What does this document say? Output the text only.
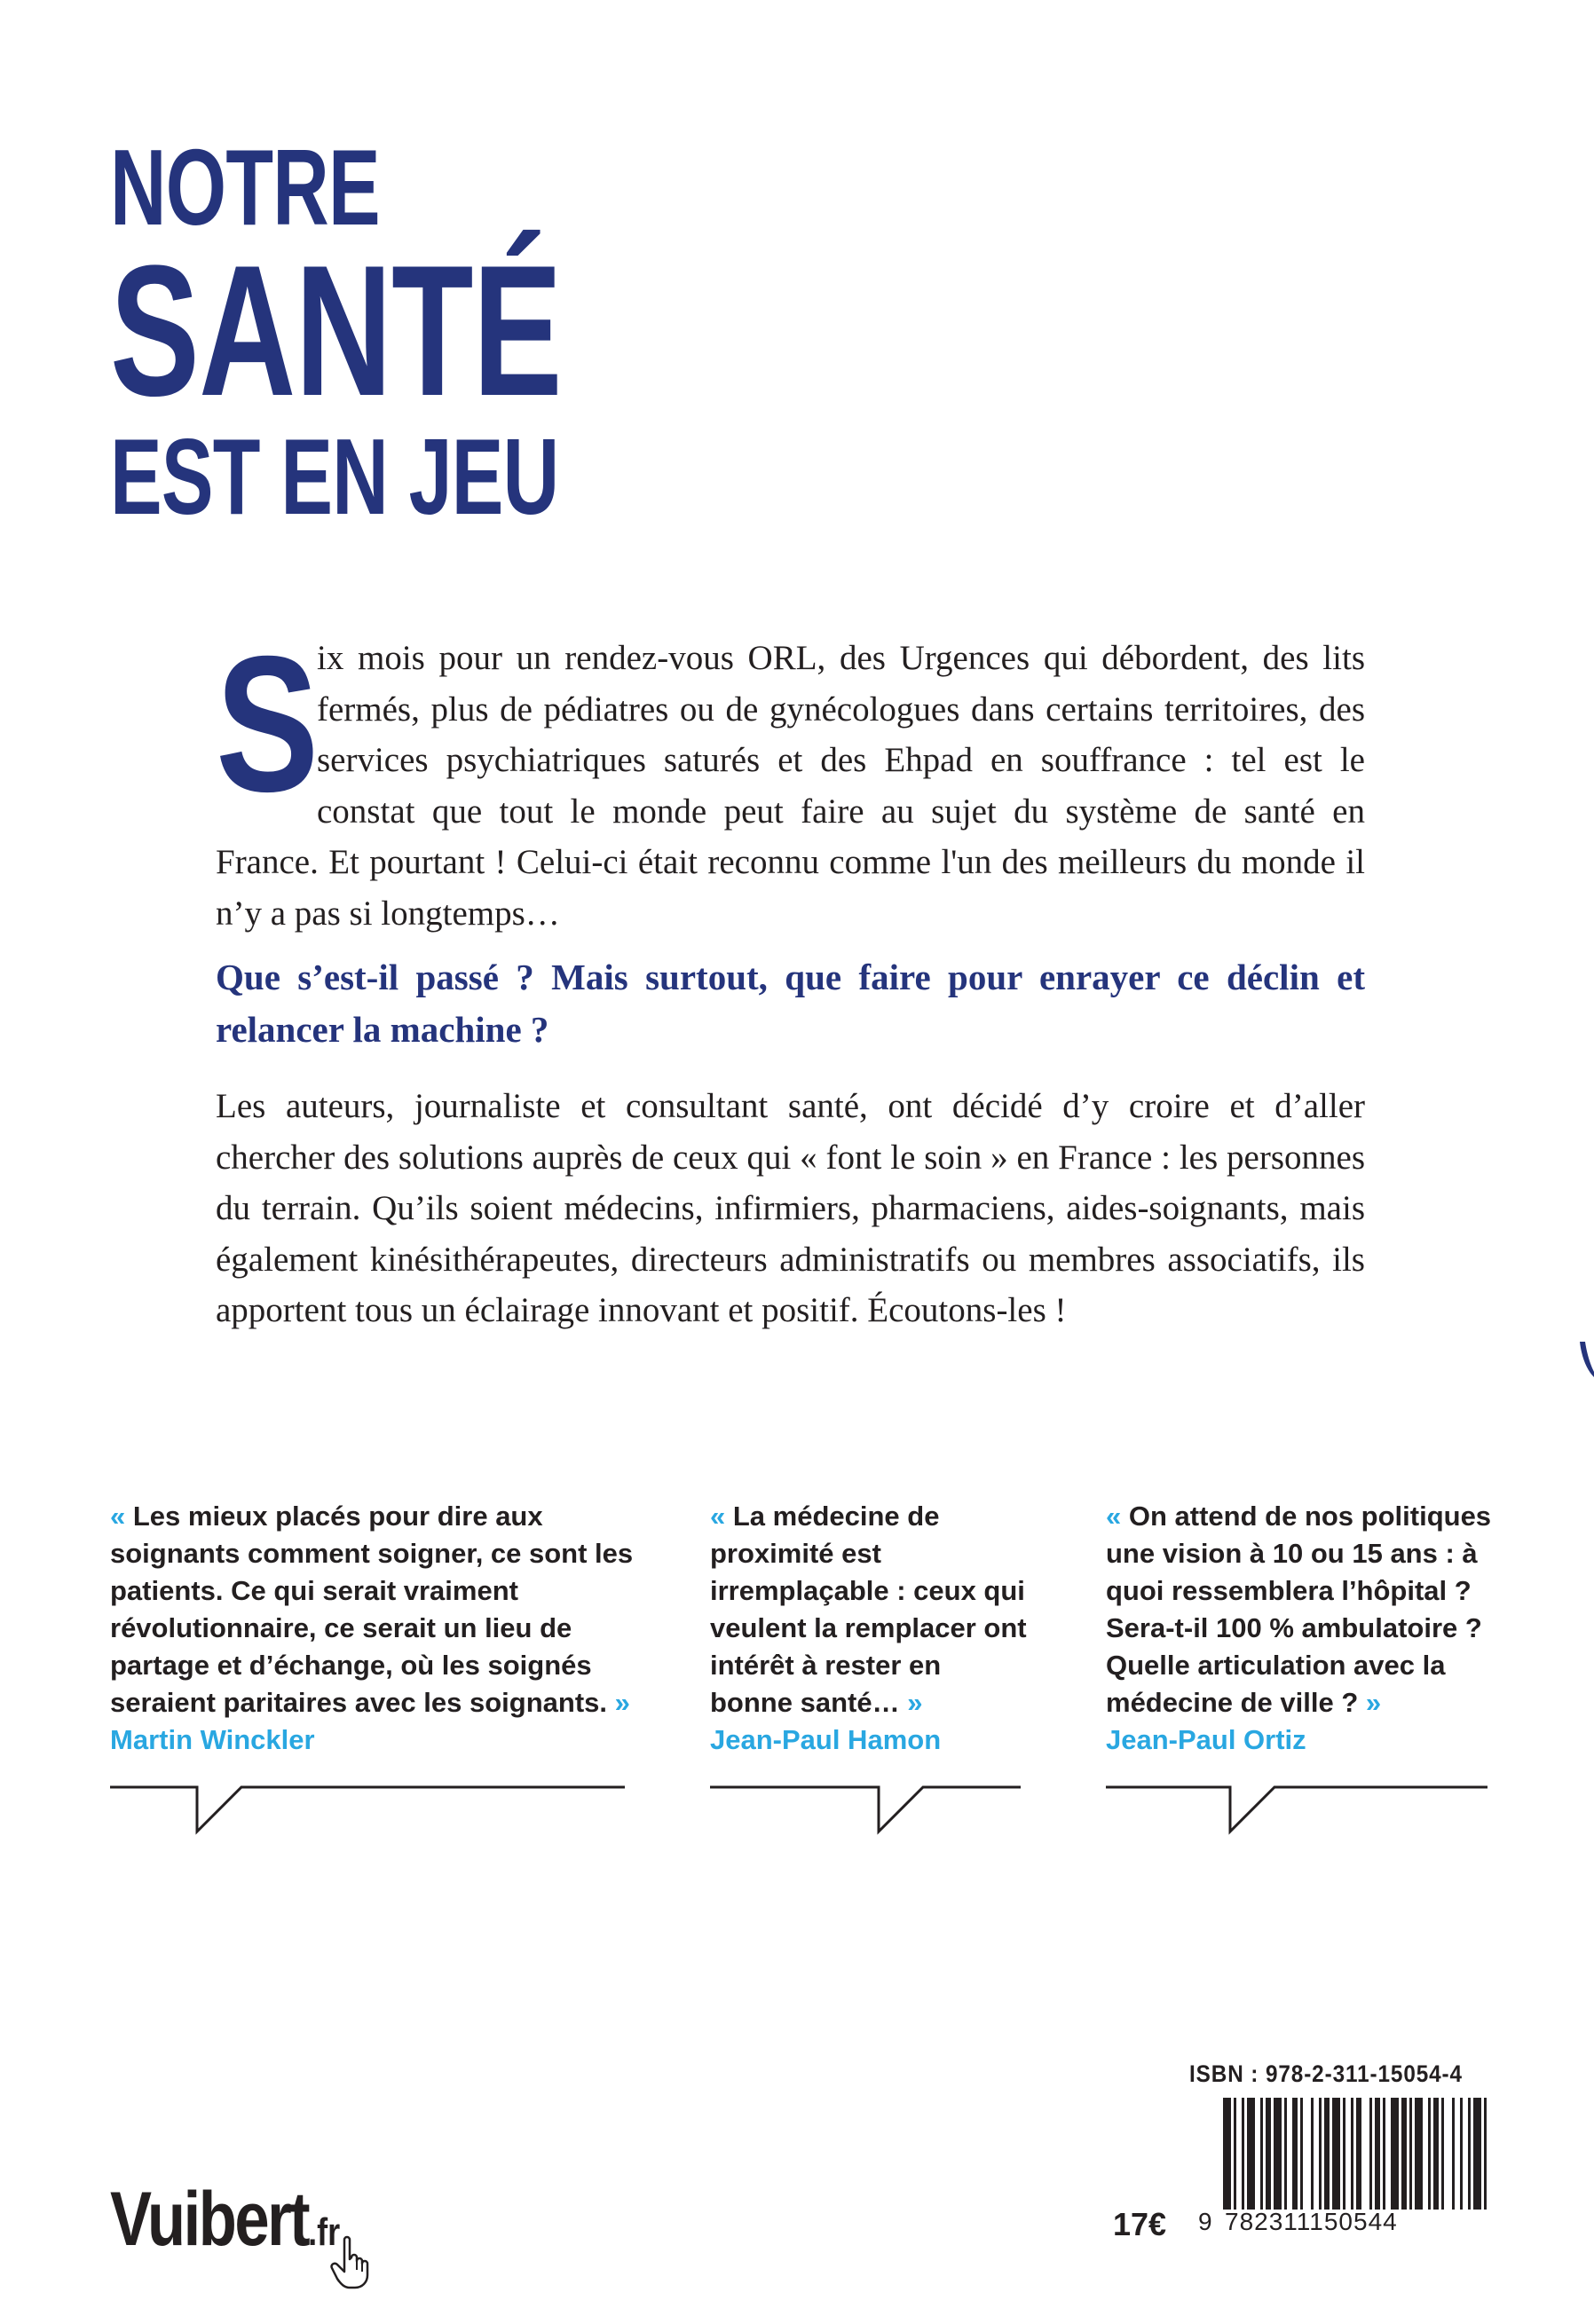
NOTRE
SANTÉ
EST EN JEU
S
ix mois pour un rendez-vous ORL, des Urgences qui débordent, des lits fermés, plus de pédiatres ou de gynécologues dans certains territoires, des services psychiatriques saturés et des Ehpad en souffrance : tel est le constat que tout le monde peut faire au sujet du système de santé en France. Et pourtant ! Celui-ci était reconnu comme l'un des meilleurs du monde il n’y a pas si longtemps…
Que s’est-il passé ? Mais surtout, que faire pour enrayer ce déclin et relancer la machine ?
Les auteurs, journaliste et consultant santé, ont décidé d’y croire et d’aller chercher des solutions auprès de ceux qui « font le soin » en France : les personnes du terrain. Qu’ils soient médecins, infirmiers, pharmaciens, aides-soignants, mais également kinésithérapeutes, directeurs administratifs ou membres associatifs, ils apportent tous un éclairage innovant et positif. Écoutons-les !
« Les mieux placés pour dire aux soignants comment soigner, ce sont les patients. Ce qui serait vraiment révolutionnaire, ce serait un lieu de partage et d’échange, où les soignés seraient paritaires avec les soignants. »
Martin Winckler
« La médecine de proximité est irremplaçable : ceux qui veulent la remplacer ont intérêt à rester en bonne santé… »
Jean-Paul Hamon
« On attend de nos politiques une vision à 10 ou 15 ans : à quoi ressemblera l’hôpital ? Sera-t-il 100 % ambulatoire ? Quelle articulation avec la médecine de ville ? »
Jean-Paul Ortiz
ISBN : 978-2-311-15054-4
9 782311150544
17€
Vuibert.fr
